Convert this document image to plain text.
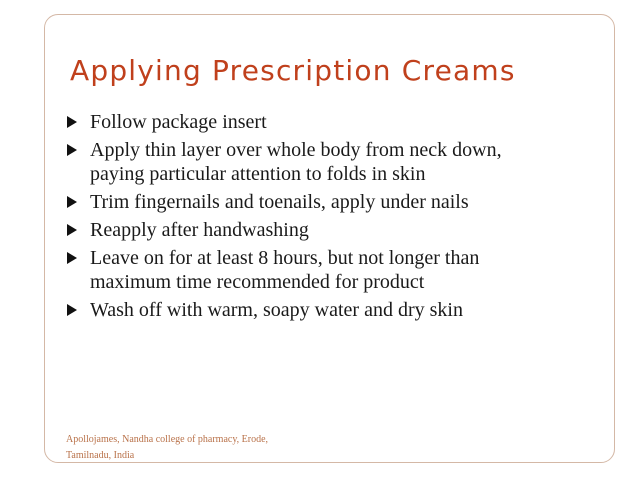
Applying Prescription Creams
Follow package insert
Apply thin layer over whole body from neck down,
paying particular attention to folds in skin
Trim fingernails and toenails, apply under nails
Reapply after handwashing
Leave on for at least 8 hours, but not longer than
maximum time recommended for product
Wash off with warm, soapy water and dry skin
Apollojames, Nandha college of pharmacy, Erode,
Tamilnadu, India
